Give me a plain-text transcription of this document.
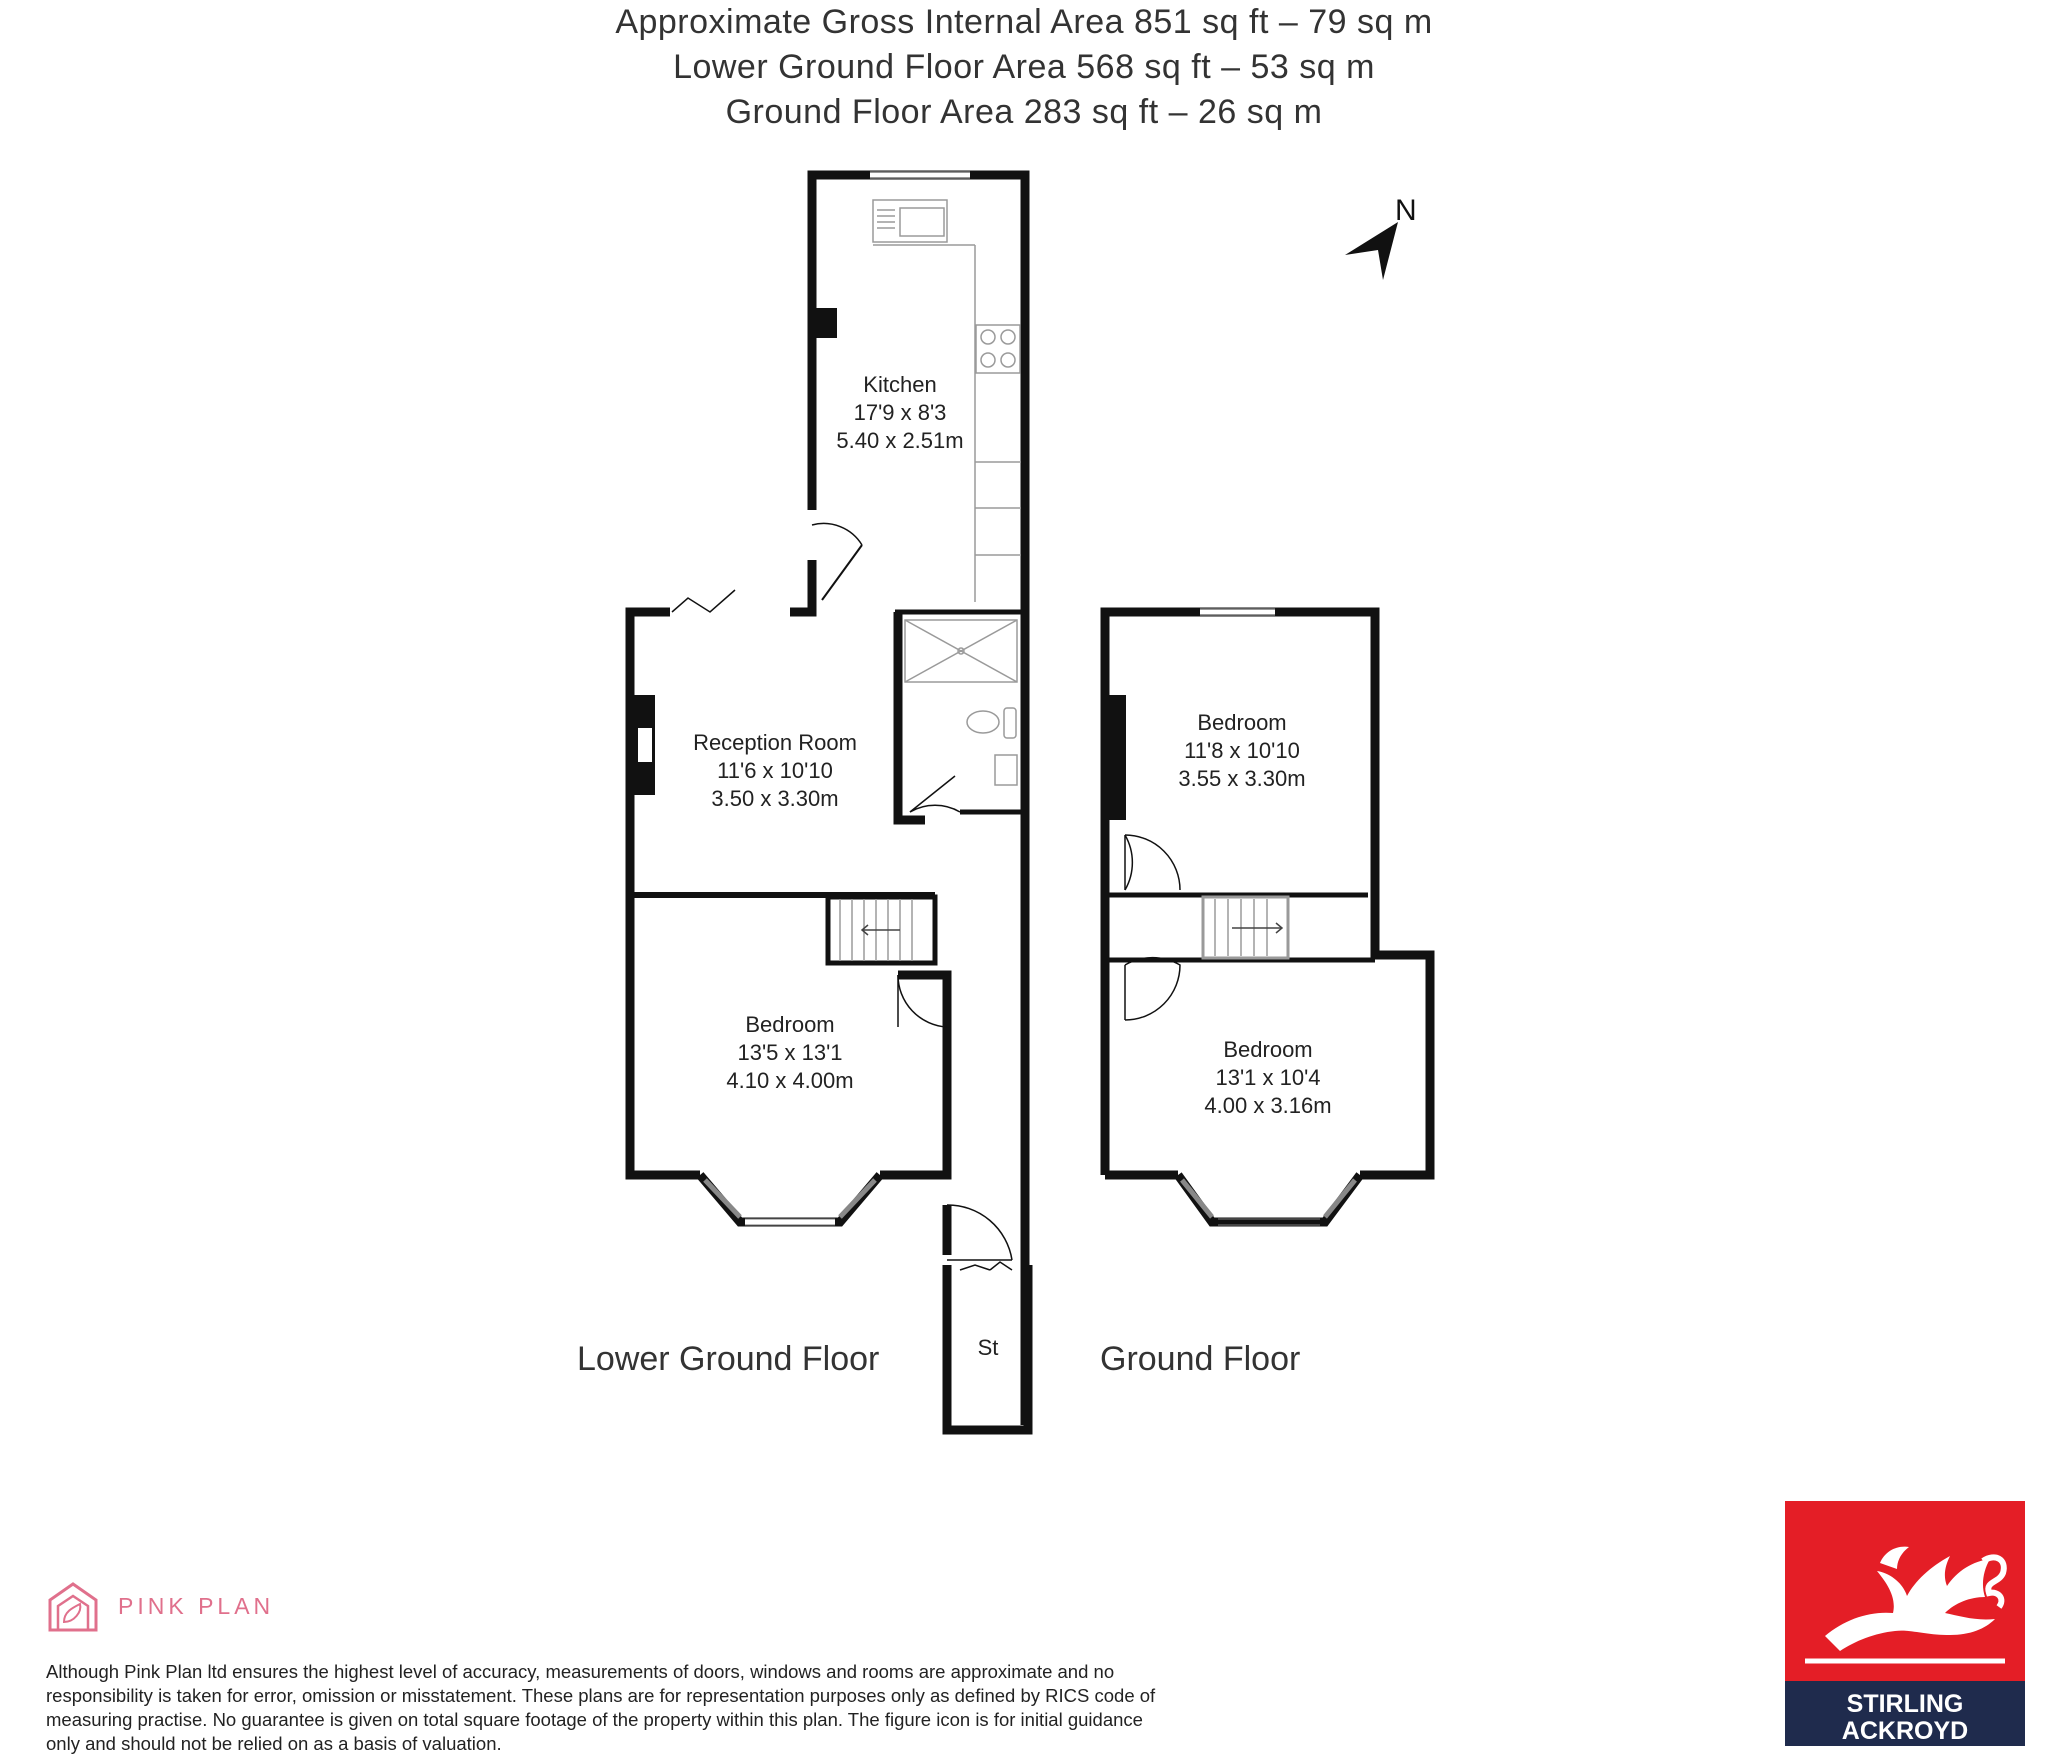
Approximate Gross Internal Area 851 sq ft – 79 sq m
Lower Ground Floor Area 568 sq ft – 53 sq m
Ground Floor Area 283 sq ft – 26 sq m
Kitchen
17'9 x 8'3
5.40 x 2.51m
Reception Room
11'6 x 10'10
3.50 x 3.30m
Bedroom
13'5 x 13'1
4.10 x 4.00m
St
Bedroom
11'8 x 10'10
3.55 x 3.30m
Bedroom
13'1 x 10'4
4.00 x 3.16m
Lower Ground Floor	Ground Floor
N
PINK PLAN
Although Pink Plan ltd ensures the highest level of accuracy, measurements of doors, windows and rooms are approximate and no responsibility is taken for error, omission or misstatement. These plans are for representation purposes only as defined by RICS code of measuring practise. No guarantee is given on total square footage of the property within this plan. The figure icon is for initial guidance only and should not be relied on as a basis of valuation.
STIRLING
ACKROYD
